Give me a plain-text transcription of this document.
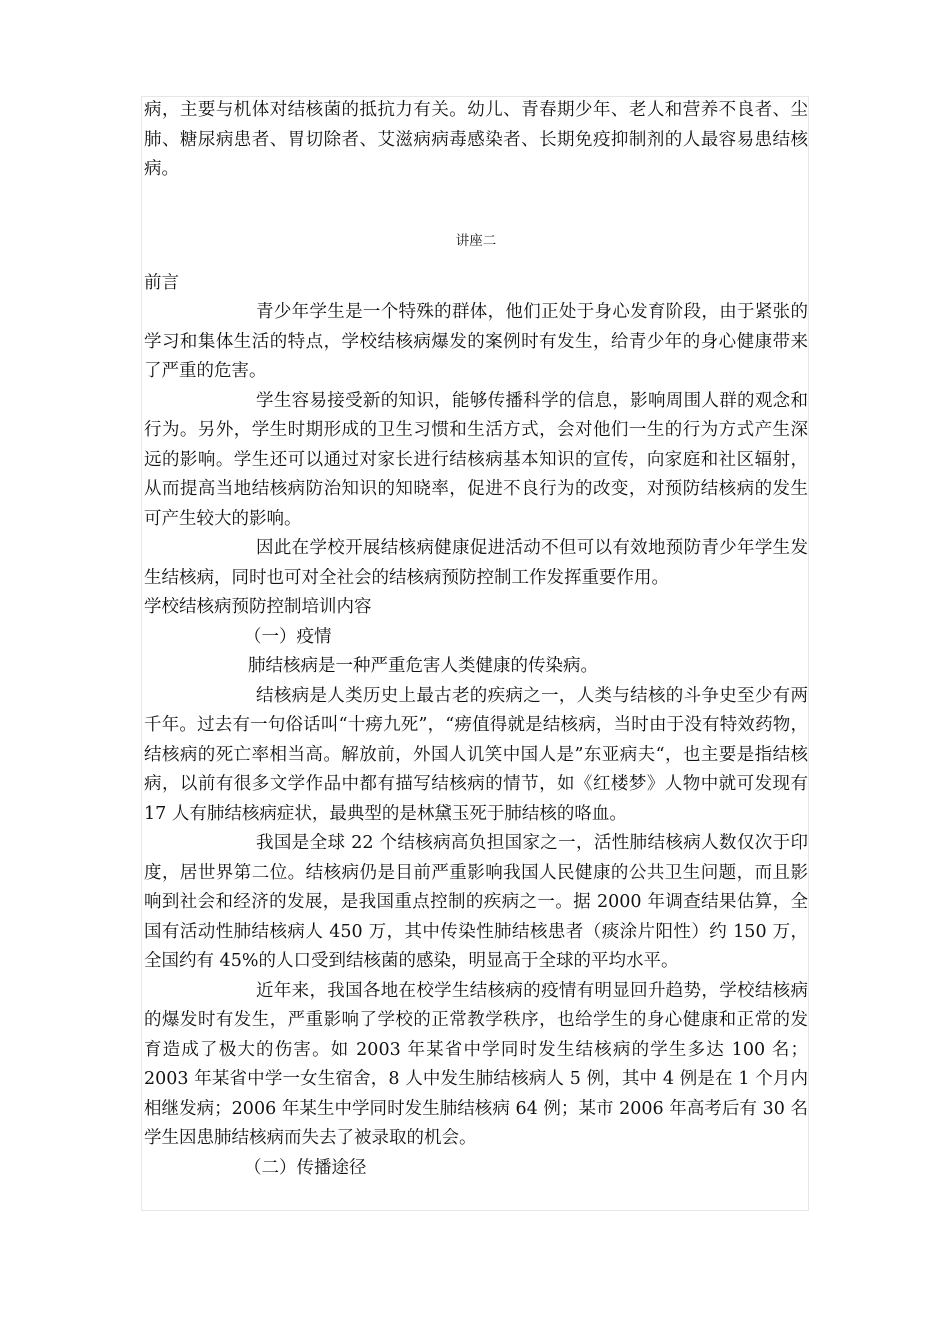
病，主要与机体对结核菌的抵抗力有关。幼儿、青春期少年、老人和营养不良者、尘肺、糖尿病患者、胃切除者、艾滋病病毒感染者、长期免疫抑制剂的人最容易患结核病。

讲座二

前言

青少年学生是一个特殊的群体，他们正处于身心发育阶段，由于紧张的学习和集体生活的特点，学校结核病爆发的案例时有发生，给青少年的身心健康带来了严重的危害。

学生容易接受新的知识，能够传播科学的信息，影响周围人群的观念和行为。另外，学生时期形成的卫生习惯和生活方式，会对他们一生的行为方式产生深远的影响。学生还可以通过对家长进行结核病基本知识的宣传，向家庭和社区辐射，从而提高当地结核病防治知识的知晓率，促进不良行为的改变，对预防结核病的发生可产生较大的影响。

因此在学校开展结核病健康促进活动不但可以有效地预防青少年学生发生结核病，同时也可对全社会的结核病预防控制工作发挥重要作用。

学校结核病预防控制培训内容

（一）疫情

肺结核病是一种严重危害人类健康的传染病。

结核病是人类历史上最古老的疾病之一，人类与结核的斗争史至少有两千年。过去有一句俗话叫“十痨九死”，“痨值得就是结核病，当时由于没有特效药物，结核病的死亡率相当高。解放前，外国人讥笑中国人是”东亚病夫“，也主要是指结核病，以前有很多文学作品中都有描写结核病的情节，如《红楼梦》人物中就可发现有 17 人有肺结核病症状，最典型的是林黛玉死于肺结核的咯血。

我国是全球 22 个结核病高负担国家之一，活性肺结核病人数仅次于印度，居世界第二位。结核病仍是目前严重影响我国人民健康的公共卫生问题，而且影响到社会和经济的发展，是我国重点控制的疾病之一。据 2000 年调查结果估算，全国有活动性肺结核病人 450 万，其中传染性肺结核患者（痰涂片阳性）约 150 万，全国约有 45%的人口受到结核菌的感染，明显高于全球的平均水平。

近年来，我国各地在校学生结核病的疫情有明显回升趋势，学校结核病的爆发时有发生，严重影响了学校的正常教学秩序，也给学生的身心健康和正常的发育造成了极大的伤害。如 2003 年某省中学同时发生结核病的学生多达 100 名；2003 年某省中学一女生宿舍，8 人中发生肺结核病人 5 例，其中 4 例是在 1 个月内相继发病；2006 年某生中学同时发生肺结核病 64 例；某市 2006 年高考后有 30 名学生因患肺结核病而失去了被录取的机会。

（二）传播途径
